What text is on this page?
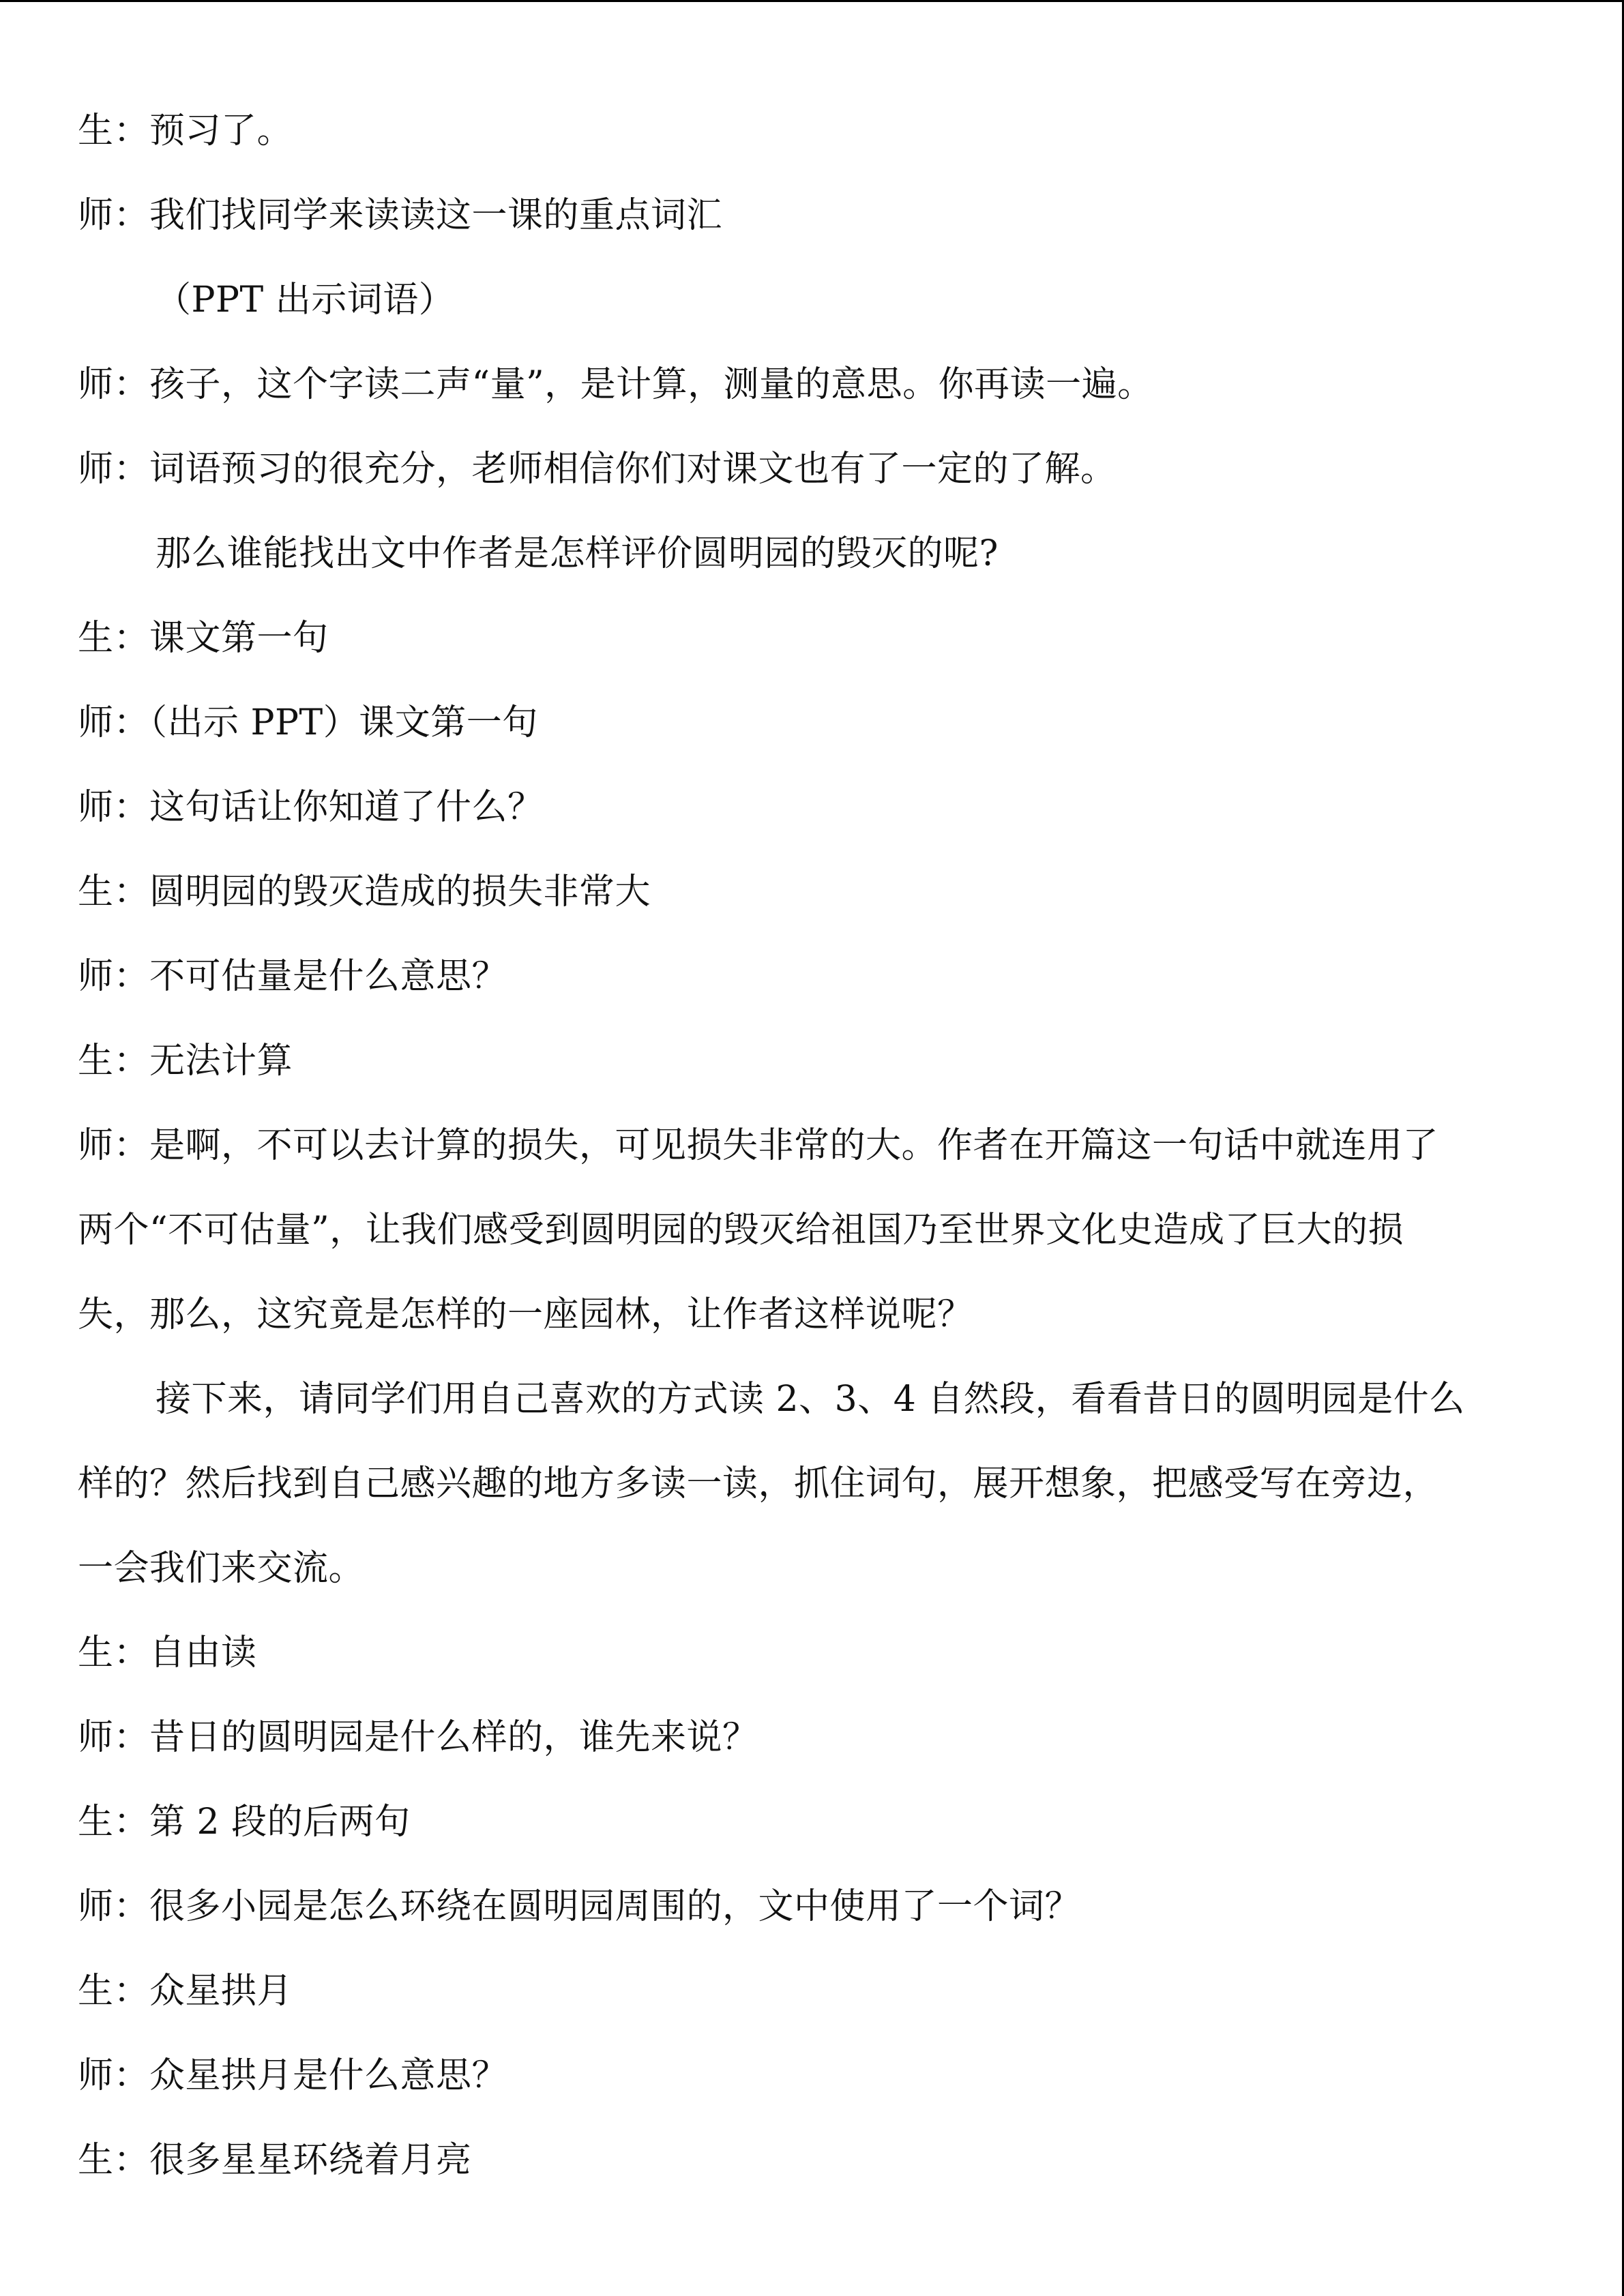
生：预习了。
师：我们找同学来读读这一课的重点词汇
（PPT 出示词语）
师：孩子，这个字读二声“量”，是计算，测量的意思。你再读一遍。
师：词语预习的很充分，老师相信你们对课文也有了一定的了解。
那么谁能找出文中作者是怎样评价圆明园的毁灭的呢?
生：课文第一句
师：（出示 PPT）课文第一句
师：这句话让你知道了什么？
生：圆明园的毁灭造成的损失非常大
师：不可估量是什么意思？
生：无法计算
师：是啊，不可以去计算的损失，可见损失非常的大。作者在开篇这一句话中就连用了
两个“不可估量”，让我们感受到圆明园的毁灭给祖国乃至世界文化史造成了巨大的损
失，那么，这究竟是怎样的一座园林，让作者这样说呢？
接下来，请同学们用自己喜欢的方式读 2、3、4 自然段，看看昔日的圆明园是什么
样的？然后找到自己感兴趣的地方多读一读，抓住词句，展开想象，把感受写在旁边，
一会我们来交流。
生：自由读
师：昔日的圆明园是什么样的，谁先来说？
生：第 2 段的后两句
师：很多小园是怎么环绕在圆明园周围的，文中使用了一个词？
生：众星拱月
师：众星拱月是什么意思？
生：很多星星环绕着月亮
